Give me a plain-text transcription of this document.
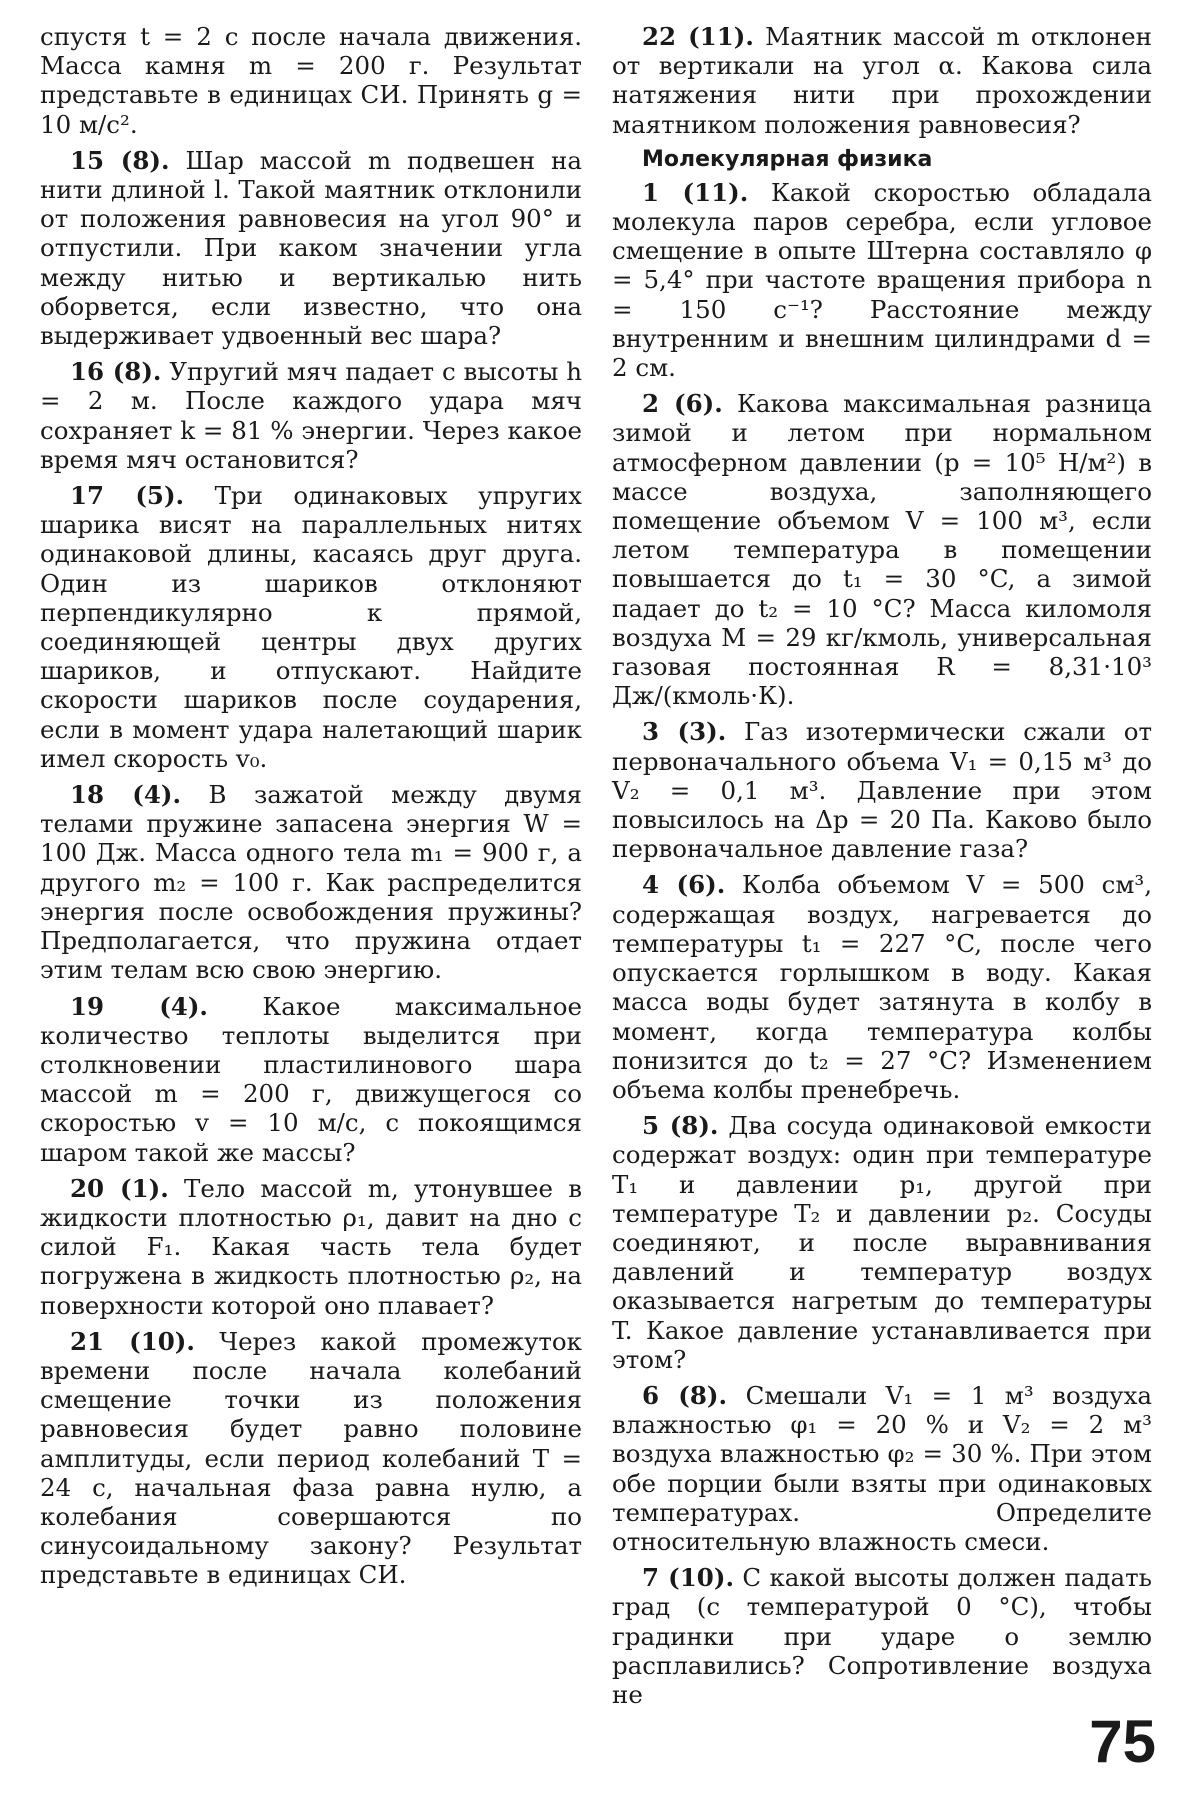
спустя t = 2 с после начала движения. Масса камня m = 200 г. Результат представьте в единицах СИ. Принять g = 10 м/с².

15 (8). Шар массой m подвешен на нити длиной l. Такой маятник отклонили от положения равновесия на угол 90° и отпустили. При каком значении угла между нитью и вертикалью нить оборвется, если известно, что она выдерживает удвоенный вес шара?

16 (8). Упругий мяч падает с высоты h = 2 м. После каждого удара мяч сохраняет k = 81 % энергии. Через какое время мяч остановится?

17 (5). Три одинаковых упругих шарика висят на параллельных нитях одинаковой длины, касаясь друг друга. Один из шариков отклоняют перпендикулярно к прямой, соединяющей центры двух других шариков, и отпускают. Найдите скорости шариков после соударения, если в момент удара налетающий шарик имел скорость v₀.

18 (4). В зажатой между двумя телами пружине запасена энергия W = 100 Дж. Масса одного тела m₁ = 900 г, а другого m₂ = 100 г. Как распределится энергия после освобождения пружины? Предполагается, что пружина отдает этим телам всю свою энергию.

19 (4). Какое максимальное количество теплоты выделится при столкновении пластилинового шара массой m = 200 г, движущегося со скоростью v = 10 м/с, с покоящимся шаром такой же массы?

20 (1). Тело массой m, утонувшее в жидкости плотностью ρ₁, давит на дно с силой F₁. Какая часть тела будет погружена в жидкость плотностью ρ₂, на поверхности которой оно плавает?

21 (10). Через какой промежуток времени после начала колебаний смещение точки из положения равновесия будет равно половине амплитуды, если период колебаний T = 24 с, начальная фаза равна нулю, а колебания совершаются по синусоидальному закону? Результат представьте в единицах СИ.

22 (11). Маятник массой m отклонен от вертикали на угол α. Какова сила натяжения нити при прохождении маятником положения равновесия?

Молекулярная физика

1 (11). Какой скоростью обладала молекула паров серебра, если угловое смещение в опыте Штерна составляло φ = 5,4° при частоте вращения прибора n = 150 с⁻¹? Расстояние между внутренним и внешним цилиндрами d = 2 см.

2 (6). Какова максимальная разница зимой и летом при нормальном атмосферном давлении (p = 10⁵ Н/м²) в массе воздуха, заполняющего помещение объемом V = 100 м³, если летом температура в помещении повышается до t₁ = 30 °C, а зимой падает до t₂ = 10 °C? Масса киломоля воздуха M = 29 кг/кмоль, универсальная газовая постоянная R = 8,31·10³ Дж/(кмоль·К).

3 (3). Газ изотермически сжали от первоначального объема V₁ = 0,15 м³ до V₂ = 0,1 м³. Давление при этом повысилось на Δp = 20 Па. Каково было первоначальное давление газа?

4 (6). Колба объемом V = 500 см³, содержащая воздух, нагревается до температуры t₁ = 227 °C, после чего опускается горлышком в воду. Какая масса воды будет затянута в колбу в момент, когда температура колбы понизится до t₂ = 27 °C? Изменением объема колбы пренебречь.

5 (8). Два сосуда одинаковой емкости содержат воздух: один при температуре T₁ и давлении p₁, другой при температуре T₂ и давлении p₂. Сосуды соединяют, и после выравнивания давлений и температур воздух оказывается нагретым до температуры T. Какое давление устанавливается при этом?

6 (8). Смешали V₁ = 1 м³ воздуха влажностью φ₁ = 20 % и V₂ = 2 м³ воздуха влажностью φ₂ = 30 %. При этом обе порции были взяты при одинаковых температурах. Определите относительную влажность смеси.

7 (10). С какой высоты должен падать град (с температурой 0 °C), чтобы градинки при ударе о землю расплавились? Сопротивление воздуха не

75
